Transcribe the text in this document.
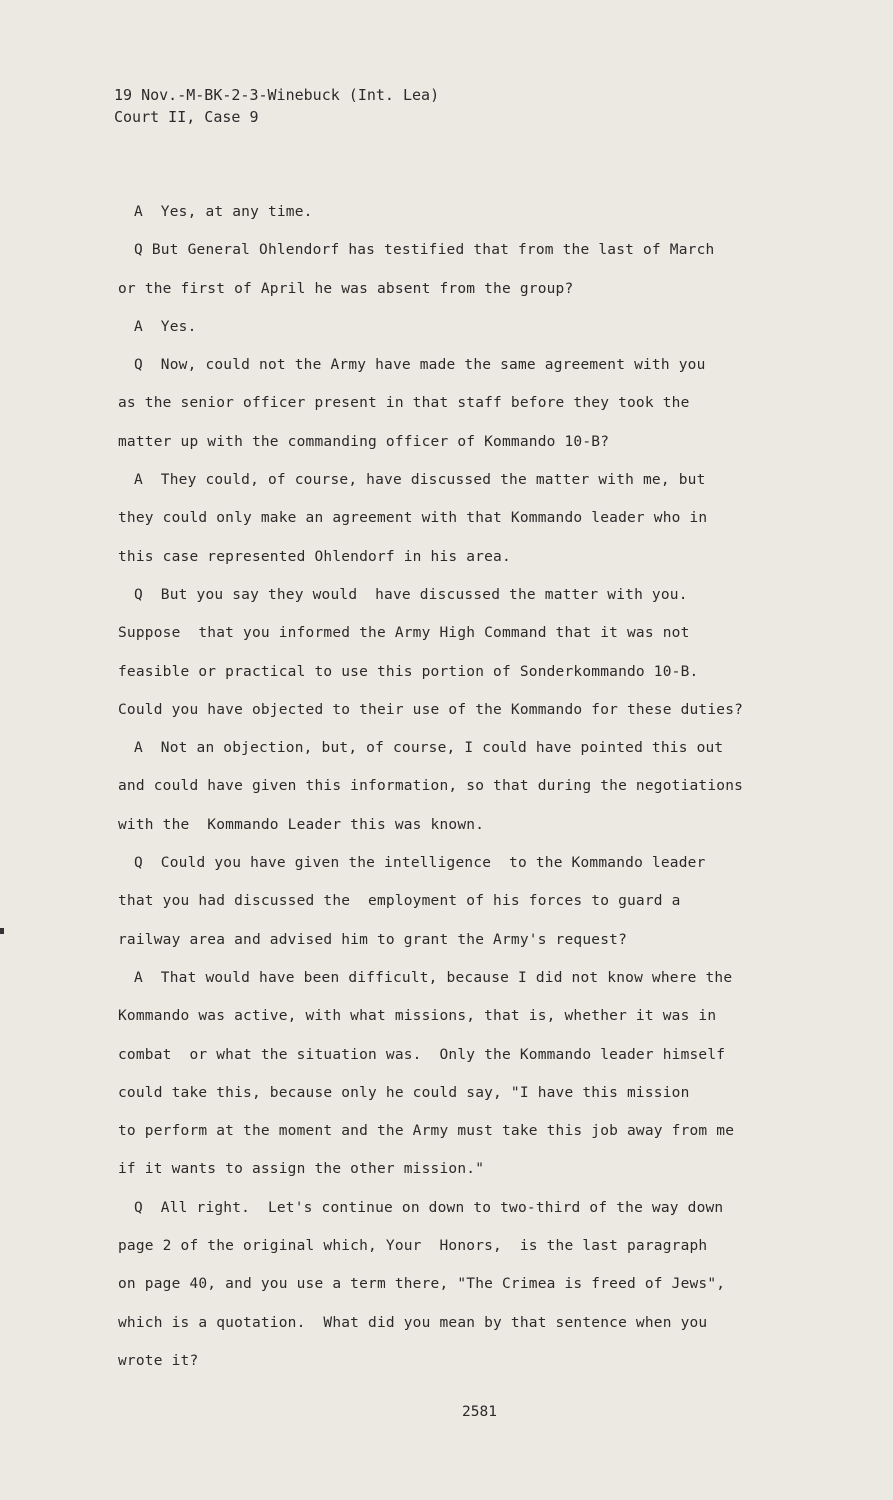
19 Nov.-M-BK-2-3-Winebuck (Int. Lea)
Court II, Case 9
A  Yes, at any time.
Q But General Ohlendorf has testified that from the last of March
or the first of April he was absent from the group?
A  Yes.
Q  Now, could not the Army have made the same agreement with you
as the senior officer present in that staff before they took the
matter up with the commanding officer of Kommando 10-B?
A  They could, of course, have discussed the matter with me, but
they could only make an agreement with that Kommando leader who in
this case represented Ohlendorf in his area.
Q  But you say they would  have discussed the matter with you.
Suppose  that you informed the Army High Command that it was not
feasible or practical to use this portion of Sonderkommando 10-B.
Could you have objected to their use of the Kommando for these duties?
A  Not an objection, but, of course, I could have pointed this out
and could have given this information, so that during the negotiations
with the  Kommando Leader this was known.
Q  Could you have given the intelligence  to the Kommando leader
that you had discussed the  employment of his forces to guard a
railway area and advised him to grant the Army's request?
A  That would have been difficult, because I did not know where the
Kommando was active, with what missions, that is, whether it was in
combat  or what the situation was.  Only the Kommando leader himself
could take this, because only he could say, "I have this mission
to perform at the moment and the Army must take this job away from me
if it wants to assign the other mission."
Q  All right.  Let's continue on down to two-third of the way down
page 2 of the original which, Your  Honors,  is the last paragraph
on page 40, and you use a term there, "The Crimea is freed of Jews",
which is a quotation.  What did you mean by that sentence when you
wrote it?
2581
